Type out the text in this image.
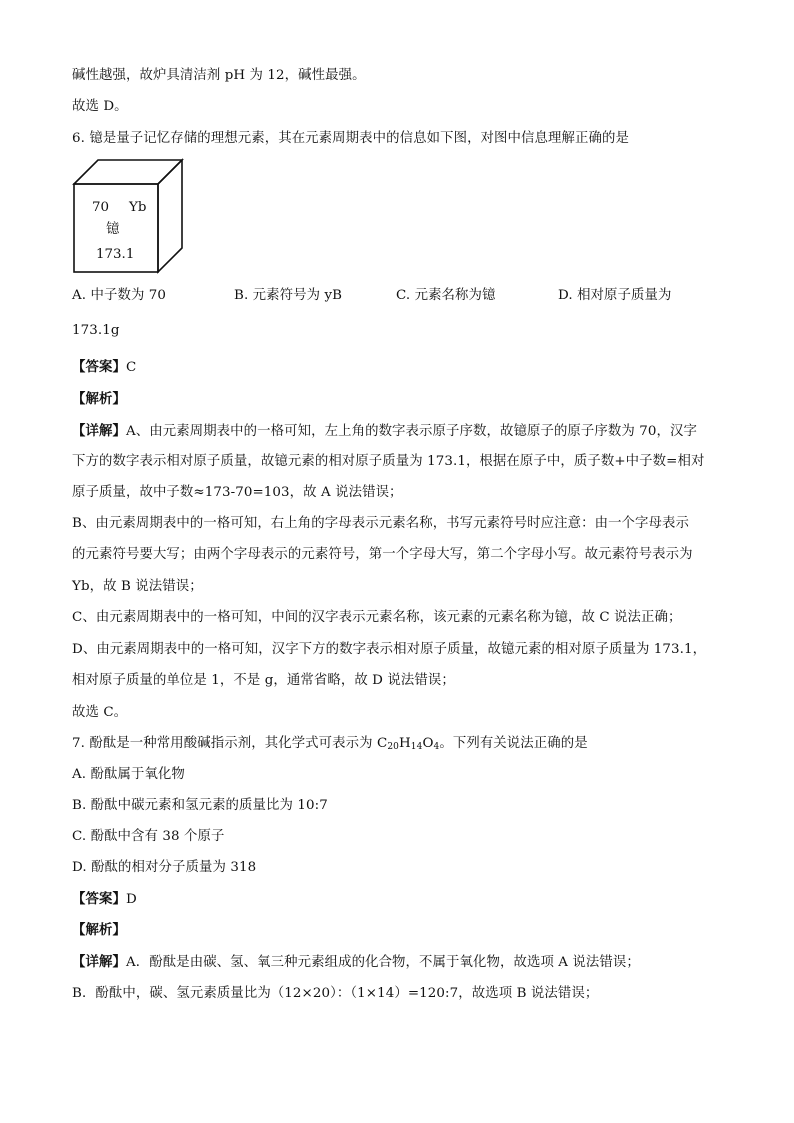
碱性越强，故炉具清洁剂 pH 为 12，碱性最强。
故选 D。
6. 镱是量子记忆存储的理想元素，其在元素周期表中的信息如下图，对图中信息理解正确的是
70 Yb
镱
173.1
A. 中子数为 70	B. 元素符号为 yB	C. 元素名称为镱	D. 相对原子质量为
173.1g
【答案】C
【解析】
【详解】A、由元素周期表中的一格可知，左上角的数字表示原子序数，故镱原子的原子序数为 70，汉字
下方的数字表示相对原子质量，故镱元素的相对原子质量为 173.1，根据在原子中，质子数+中子数=相对
原子质量，故中子数≈173-70=103，故 A 说法错误；
B、由元素周期表中的一格可知，右上角的字母表示元素名称，书写元素符号时应注意：由一个字母表示
的元素符号要大写；由两个字母表示的元素符号，第一个字母大写，第二个字母小写。故元素符号表示为
Yb，故 B 说法错误；
C、由元素周期表中的一格可知，中间的汉字表示元素名称，该元素的元素名称为镱，故 C 说法正确；
D、由元素周期表中的一格可知，汉字下方的数字表示相对原子质量，故镱元素的相对原子质量为 173.1，
相对原子质量的单位是 1，不是 g，通常省略，故 D 说法错误；
故选 C。
7. 酚酞是一种常用酸碱指示剂，其化学式可表示为 $C_{20}H_{14}O_4$。下列有关说法正确的是
A. 酚酞属于氧化物
B. 酚酞中碳元素和氢元素的质量比为 10:7
C. 酚酞中含有 38 个原子
D. 酚酞的相对分子质量为 318
【答案】D
【解析】
【详解】A．酚酞是由碳、氢、氧三种元素组成的化合物，不属于氧化物，故选项 A 说法错误；
B．酚酞中，碳、氢元素质量比为（12×20）：（1×14）=120:7，故选项 B 说法错误；
